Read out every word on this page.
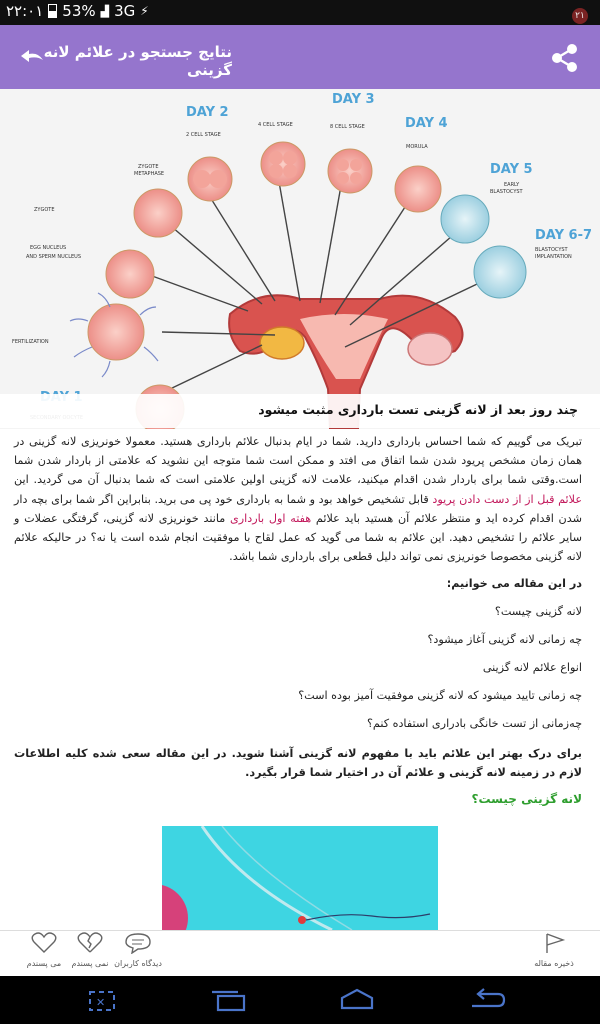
۲۲:۰۱ 53% ▟ 3G ⚡	۲۱
نتایج جستجو در علائم لانه گزینی
DAY 2
DAY 3
DAY 4
DAY 5
DAY 6-7
2 CELL STAGE
4 CELL STAGE	8 CELL STAGE
MORULA
EARLY
BLASTOCYST
BLASTOCYST
IMPLANTATION
ZYGOTE
METAPHASE
ZYGOTE
EGG NUCLEUS
AND SPERM NUCLEUS
FERTILIZATION
چند روز بعد از لانه گزینی تست بارداری مثبت میشود

تبریک می گوییم که شما احساس بارداری دارید. شما در ایام بدنبال علائم بارداری هستید. معمولا خونریزی لانه گزینی در همان زمان مشخص پریود شدن شما اتفاق می افتد و ممکن است شما متوجه این نشوید که علامتی از باردار شدن شما است.وقتی شما برای باردار شدن اقدام میکنید، علامت لانه گزینی اولین علامتی است که شما بدنبال آن می گردید. این علائم قبل از از دست دادن پریود قابل تشخیص خواهد بود و شما به بارداری خود پی می برید. بنابراین اگر شما برای بچه دار شدن اقدام کرده اید و منتظر علائم آن هستید باید علائم هفته اول بارداری مانند خونریزی لانه گزینی، گرفتگی عضلات و سایر علائم را تشخیص دهید. این علائم به شما می گوید که عمل لقاح با موفقیت انجام شده است یا نه؟ در حالیکه علائم لانه گزینی مخصوصا خونریزی نمی تواند دلیل قطعی برای بارداری شما باشد.

در این مقاله می خوانیم:
لانه گزینی چیست؟
چه زمانی لانه گزینی آغاز میشود؟
انواع علائم لانه گزینی
چه زمانی تایید میشود که لانه گزینی موفقیت آمیز بوده است؟
چه‌زمانی از تست خانگی بادراری استفاده کنم؟
برای درک بهتر این علائم باید با مفهوم لانه گزینی آشنا شوید. در این مقاله سعی شده کلیه اطلاعات لازم در زمینه لانه گزینی و علائم آن در اختیار شما قرار بگیرد.
لانه گزینی چیست؟
می پسندم	نمی پسندم دیدگاه کاربران	ذخیره مقاله
✕
